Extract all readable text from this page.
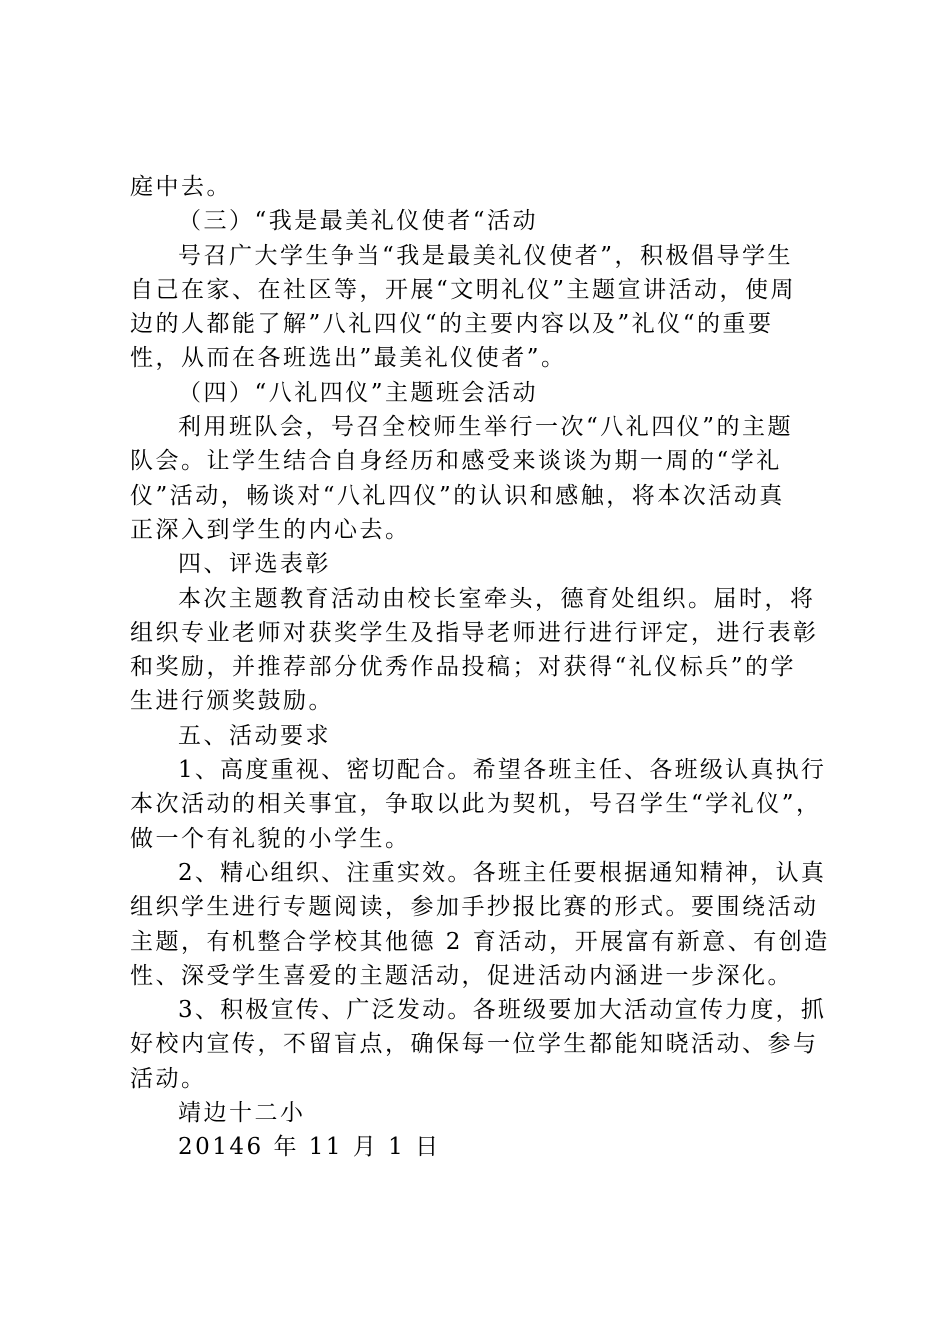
庭中去。
（三）“我是最美礼仪使者“活动
号召广大学生争当“我是最美礼仪使者”，积极倡导学生
自己在家、在社区等，开展“文明礼仪”主题宣讲活动，使周
边的人都能了解”八礼四仪“的主要内容以及”礼仪“的重要
性，从而在各班选出”最美礼仪使者”。
（四）“八礼四仪”主题班会活动
利用班队会，号召全校师生举行一次“八礼四仪”的主题
队会。让学生结合自身经历和感受来谈谈为期一周的“学礼
仪”活动，畅谈对“八礼四仪”的认识和感触，将本次活动真
正深入到学生的内心去。
四、评选表彰
本次主题教育活动由校长室牵头，德育处组织。届时，将
组织专业老师对获奖学生及指导老师进行进行评定，进行表彰
和奖励，并推荐部分优秀作品投稿；对获得“礼仪标兵”的学
生进行颁奖鼓励。
五、活动要求
1、高度重视、密切配合。希望各班主任、各班级认真执行
本次活动的相关事宜，争取以此为契机，号召学生“学礼仪”，
做一个有礼貌的小学生。
2、精心组织、注重实效。各班主任要根据通知精神，认真
组织学生进行专题阅读，参加手抄报比赛的形式。要围绕活动
主题，有机整合学校其他德 2 育活动，开展富有新意、有创造
性、深受学生喜爱的主题活动，促进活动内涵进一步深化。
3、积极宣传、广泛发动。各班级要加大活动宣传力度，抓
好校内宣传，不留盲点，确保每一位学生都能知晓活动、参与
活动。
靖边十二小
20146 年 11 月 1 日
